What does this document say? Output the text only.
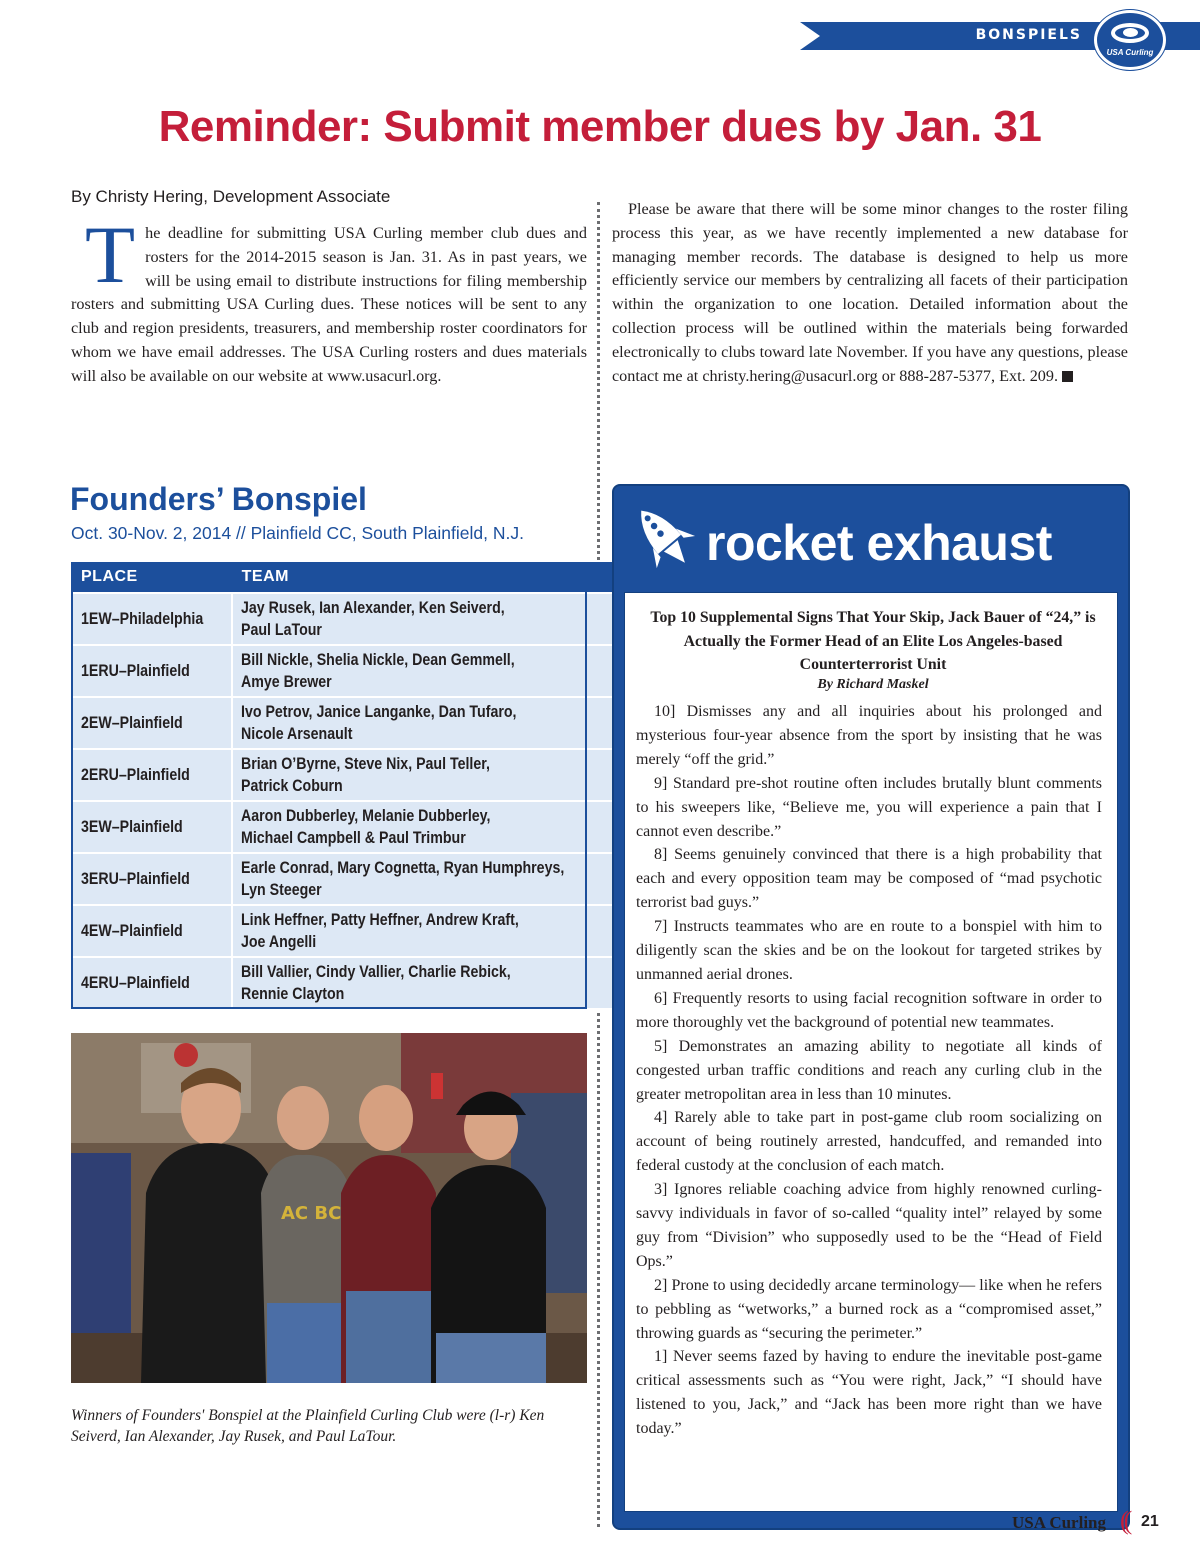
BONSPIELS
USA Curling
Reminder: Submit member dues by Jan. 31
By Christy Hering, Development Associate
The deadline for submitting USA Curling member club dues and rosters for the 2014-2015 season is Jan. 31. As in past years, we will be using email to distribute instructions for filing membership rosters and submitting USA Curling dues. These notices will be sent to any club and region presidents, treasurers, and membership roster coordinators for whom we have email addresses. The USA Curling rosters and dues materials will also be available on our website at www.usacurl.org.
Please be aware that there will be some minor changes to the roster filing process this year, as we have recently implemented a new database for managing member records. The database is designed to help us more efficiently service our members by centralizing all facets of their participation within the organization to one location. Detailed information about the collection process will be outlined within the materials being forwarded electronically to clubs toward late November. If you have any questions, please contact me at christy.hering@usacurl.org or 888-287-5377, Ext. 209.
Founders’ Bonspiel
Oct. 30-Nov. 2, 2014 // Plainfield CC, South Plainfield, N.J.
PLACE	TEAM
1EW–Philadelphia	Jay Rusek, Ian Alexander, Ken Seiverd,
Paul LaTour
1ERU–Plainfield	Bill Nickle, Shelia Nickle, Dean Gemmell,
Amye Brewer
2EW–Plainfield	Ivo Petrov, Janice Langanke, Dan Tufaro,
Nicole Arsenault
2ERU–Plainfield	Brian O’Byrne, Steve Nix, Paul Teller,
Patrick Coburn
3EW–Plainfield	Aaron Dubberley, Melanie Dubberley,
Michael Campbell & Paul Trimbur
3ERU–Plainfield	Earle Conrad, Mary Cognetta, Ryan Humphreys,
Lyn Steeger
4EW–Plainfield	Link Heffner, Patty Heffner, Andrew Kraft,
Joe Angelli
4ERU–Plainfield	Bill Vallier, Cindy Vallier, Charlie Rebick,
Rennie Clayton
AC BC
Winners of Founders' Bonspiel at the Plainfield Curling Club were (l-r) Ken Seiverd, Ian Alexander, Jay Rusek, and Paul LaTour.
rocket exhaust
Top 10 Supplemental Signs That Your Skip, Jack Bauer of “24,” is Actually the Former Head of an Elite Los Angeles-based Counterterrorist Unit
By Richard Maskel

10] Dismisses any and all inquiries about his prolonged and mysterious four-year absence from the sport by insisting that he was merely “off the grid.”

9] Standard pre-shot routine often includes brutally blunt comments to his sweepers like, “Believe me, you will experience a pain that I cannot even describe.”

8] Seems genuinely convinced that there is a high probability that each and every opposition team may be composed of “mad psychotic terrorist bad guys.”

7] Instructs teammates who are en route to a bonspiel with him to diligently scan the skies and be on the lookout for targeted strikes by unmanned aerial drones.

6] Frequently resorts to using facial recognition software in order to more thoroughly vet the background of potential new teammates.

5] Demonstrates an amazing ability to negotiate all kinds of congested urban traffic conditions and reach any curling club in the greater metropolitan area in less than 10 minutes.

4] Rarely able to take part in post-game club room socializing on account of being routinely arrested, handcuffed, and remanded into federal custody at the conclusion of each match.

3] Ignores reliable coaching advice from highly renowned curling-savvy individuals in favor of so-called “quality intel” relayed by some guy from “Division” who supposedly used to be the “Head of Field Ops.”

2] Prone to using decidedly arcane terminology— like when he refers to pebbling as “wetworks,” a burned rock as a “compromised asset,” throwing guards as “securing the perimeter.”

1] Never seems fazed by having to endure the inevitable post-game critical assessments such as “You were right, Jack,” “I should have listened to you, Jack,” and “Jack has been more right than we have today.”

USA Curling (( 21
